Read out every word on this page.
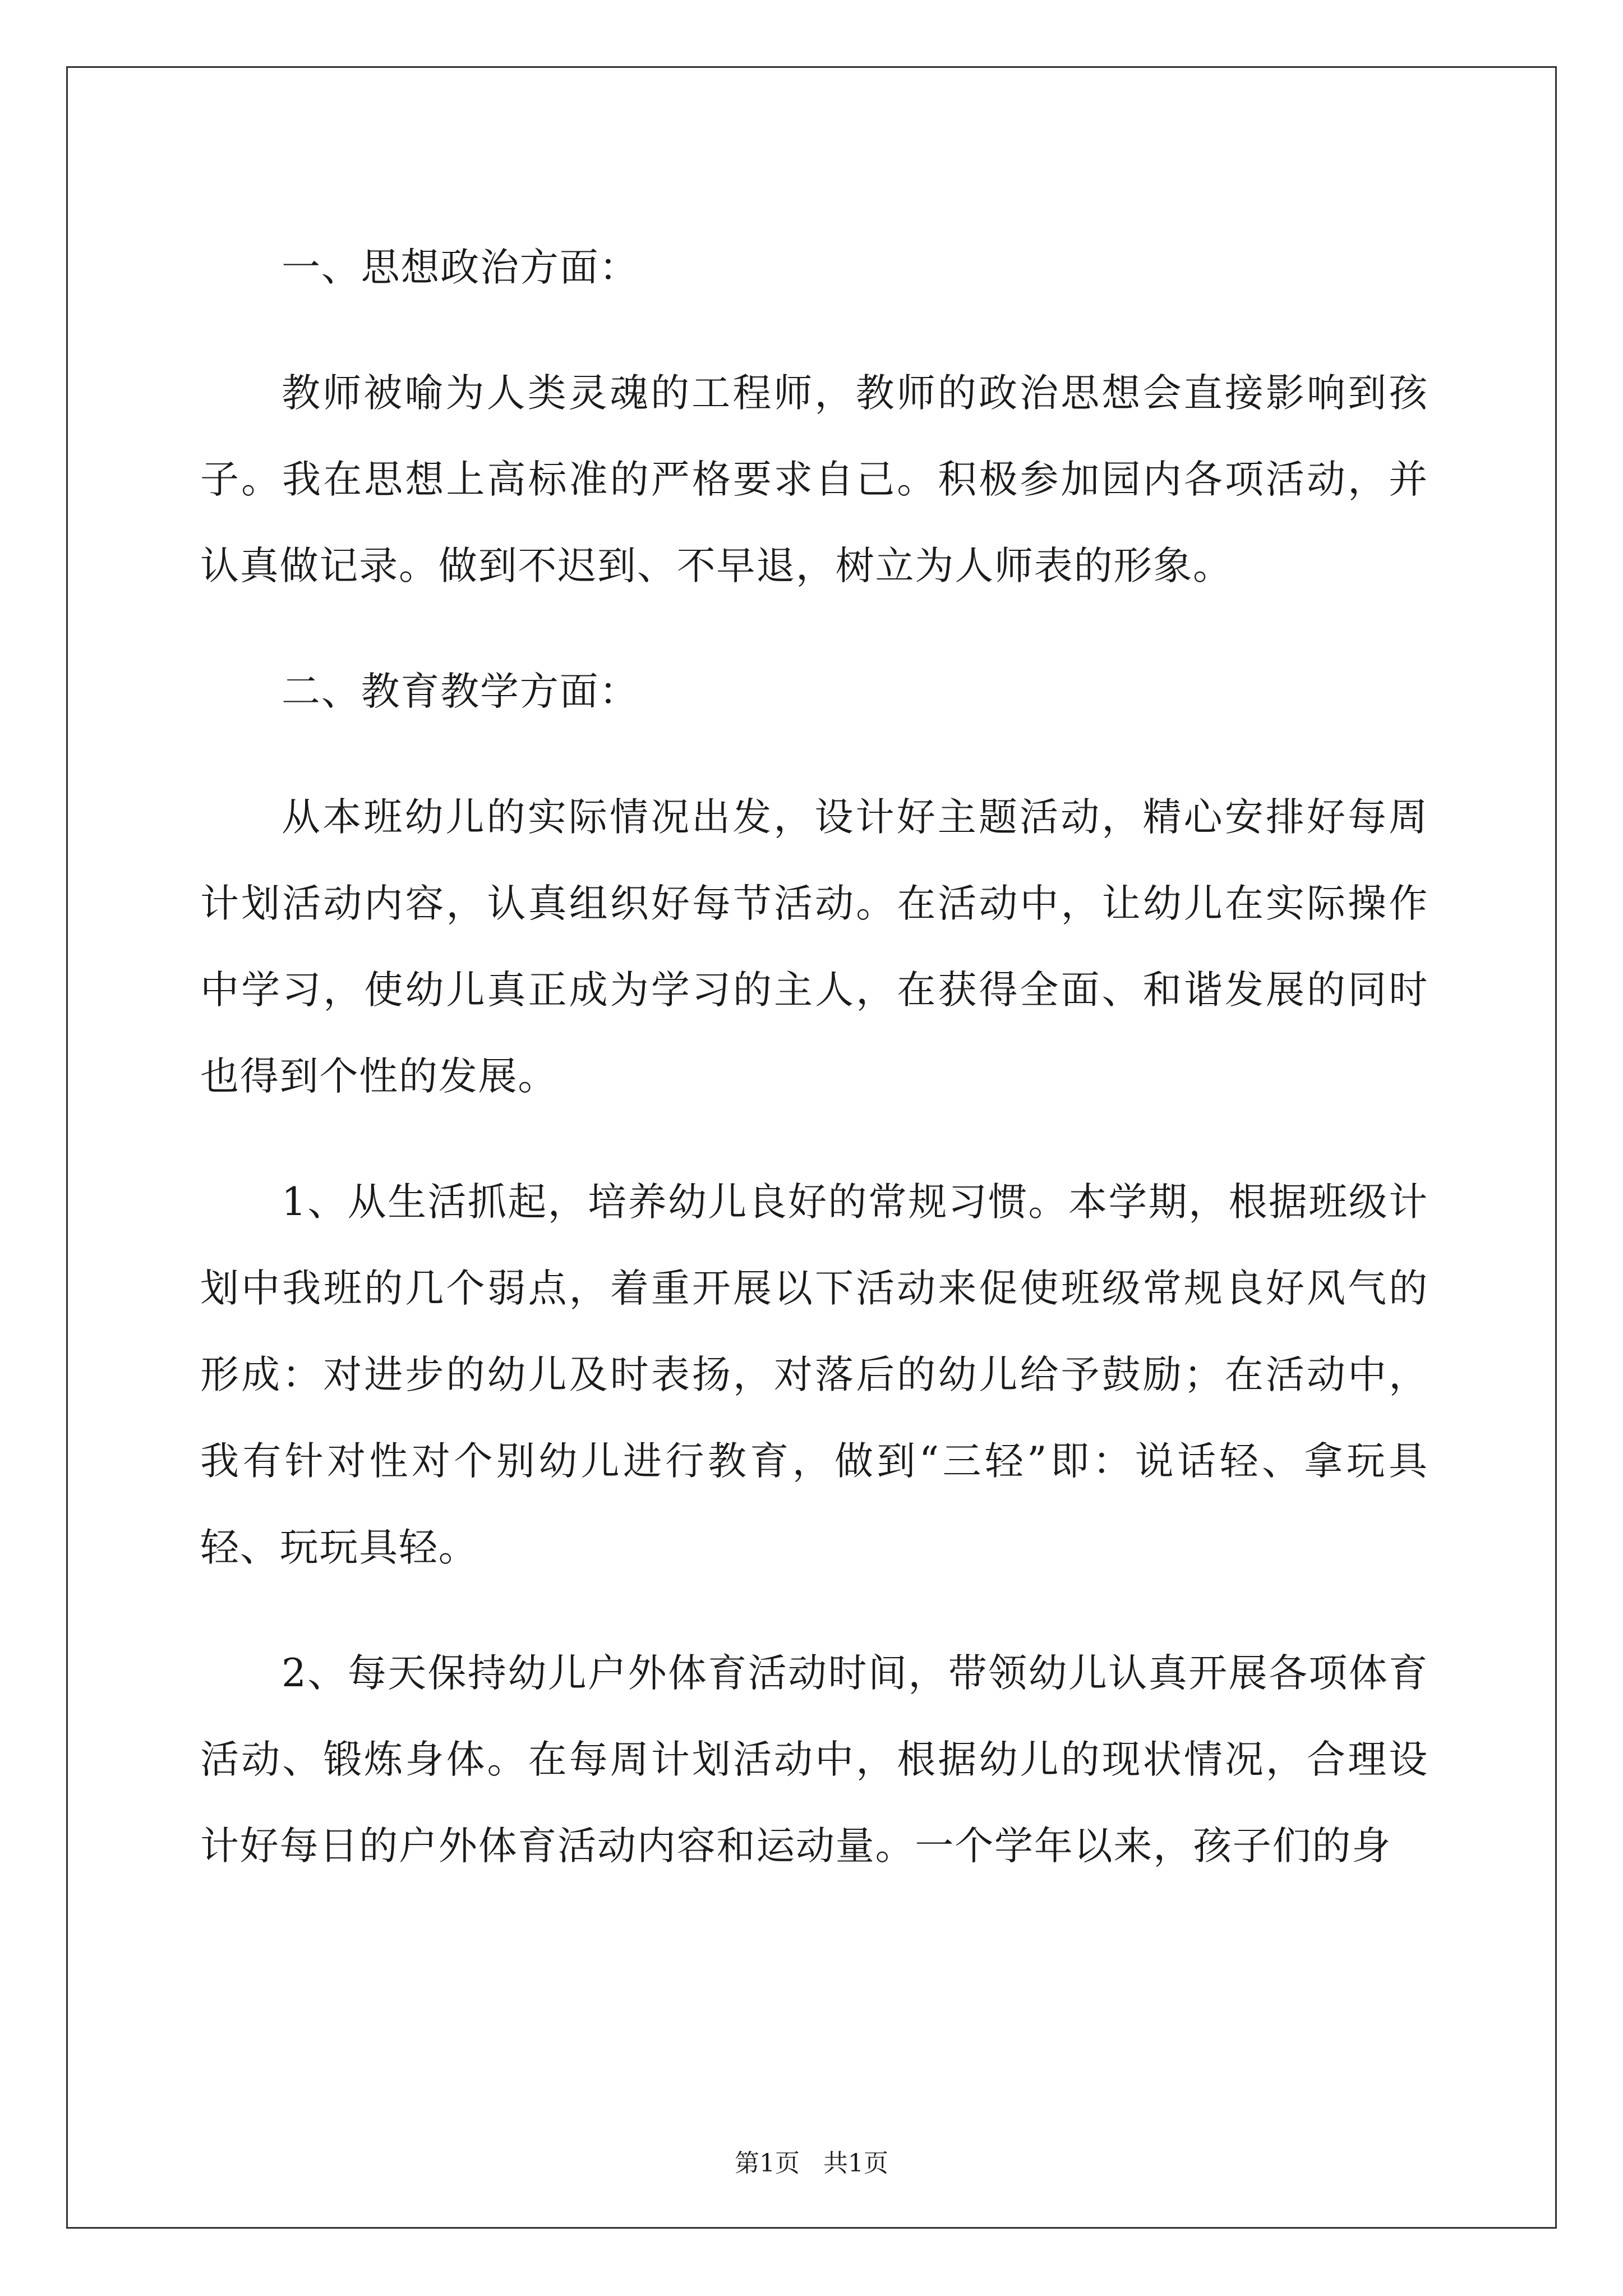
一、思想政治方面：

教师被喻为人类灵魂的工程师，教师的政治思想会直接影响到孩子。我在思想上高标准的严格要求自己。积极参加园内各项活动，并认真做记录。做到不迟到、不早退，树立为人师表的形象。

二、教育教学方面：

从本班幼儿的实际情况出发，设计好主题活动，精心安排好每周计划活动内容，认真组织好每节活动。在活动中，让幼儿在实际操作中学习，使幼儿真正成为学习的主人，在获得全面、和谐发展的同时也得到个性的发展。

1、从生活抓起，培养幼儿良好的常规习惯。本学期，根据班级计划中我班的几个弱点，着重开展以下活动来促使班级常规良好风气的形成：对进步的幼儿及时表扬，对落后的幼儿给予鼓励；在活动中，我有针对性对个别幼儿进行教育，做到“三轻”即：说话轻、拿玩具轻、玩玩具轻。

2、每天保持幼儿户外体育活动时间，带领幼儿认真开展各项体育活动、锻炼身体。在每周计划活动中，根据幼儿的现状情况，合理设计好每日的户外体育活动内容和运动量。一个学年以来，孩子们的身

第1页   共1页
